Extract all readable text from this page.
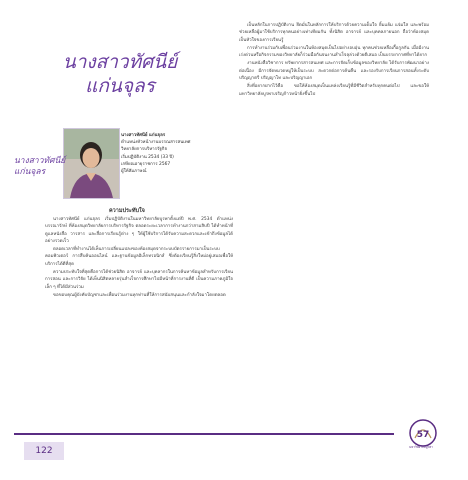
นางสาวทัศนีย์
แก่นจุลร
นางสาวทัศนีย์
แก่นจุลร
นางสาวทัศนีย์ แก่นจุลร
ตำแหน่งหัวหน้างานบรรณสารสนเทศ
วิทยาลัยการบริหารรัฐกิจ
เริ่มปฏิบัติงาน 2534 (33 ปี)
เกษียณอายุราชการ 2567
ผู้ให้สัมภาษณ์
ความประทับใจ

นางสาวทัศนีย์ แก่นจุลร เริ่มปฏิบัติงานในมหาวิทยาลัยบูรพาตั้งแต่ปี พ.ศ. 2534 ตำแหน่งบรรณารักษ์ ที่ห้องสมุดวิทยาลัยการบริหารรัฐกิจ ตลอดระยะเวลาการทำงานกว่าสามสิบปี ได้ทำหน้าที่ดูแลหนังสือ วารสาร และสื่อการเรียนรู้ต่าง ๆ ให้ผู้ใช้บริการได้รับความสะดวกและเข้าถึงข้อมูลได้อย่างรวดเร็ว

ตลอดเวลาที่ทำงานได้เห็นการเปลี่ยนแปลงของห้องสมุดจากระบบบัตรรายการมาเป็นระบบคอมพิวเตอร์ การสืบค้นออนไลน์ และฐานข้อมูลอิเล็กทรอนิกส์ ซึ่งต้องเรียนรู้สิ่งใหม่อยู่เสมอเพื่อให้บริการได้ดีที่สุด

ความประทับใจที่สุดคือการได้ช่วยนิสิต อาจารย์ และบุคลากรในการค้นหาข้อมูลสำหรับการเรียน การสอน และการวิจัย ได้เห็นนิสิตหลายรุ่นสำเร็จการศึกษาไปมีหน้าที่การงานที่ดี เป็นความภาคภูมิใจเล็ก ๆ ที่ได้มีส่วนร่วม

ขอขอบคุณผู้บังคับบัญชาและเพื่อนร่วมงานทุกท่านที่ให้การสนับสนุนและกำลังใจมาโดยตลอด

เป็นหลักในการปฏิบัติงาน ยึดมั่นในหลักการให้บริการด้วยความเต็มใจ ยิ้มแย้ม แจ่มใส และพร้อมช่วยเหลือผู้มาใช้บริการทุกคนอย่างเท่าเทียมกัน ทั้งนิสิต อาจารย์ และบุคคลภายนอก ถือว่าห้องสมุดเป็นหัวใจของการเรียนรู้

การทำงานร่วมกับเพื่อนร่วมงานในห้องสมุดเป็นไปอย่างอบอุ่น ทุกคนช่วยเหลือเกื้อกูลกัน เมื่อมีงานเร่งด่วนหรือกิจกรรมของวิทยาลัยก็ร่วมมือกันจนงานสำเร็จลุล่วงด้วยดีเสมอ เป็นบรรยากาศที่หาได้ยาก

งานหนังสือวิชาการ ทรัพยากรสารสนเทศ และการจัดเก็บข้อมูลของวิทยาลัย ได้รับการพัฒนาอย่างต่อเนื่อง มีการจัดหมวดหมู่ให้เป็นระบบ สะดวกต่อการค้นคืน และรองรับการเรียนการสอนทั้งระดับปริญญาตรี ปริญญาโท และปริญญาเอก

สิ่งที่อยากฝากไว้คือ ขอให้ห้องสมุดเป็นแหล่งเรียนรู้ที่มีชีวิตสำหรับทุกคนต่อไป และขอให้มหาวิทยาลัยบูรพาเจริญก้าวหน้ายิ่งขึ้นไป

122
57
มหาวิทยาลัยบูรพา
